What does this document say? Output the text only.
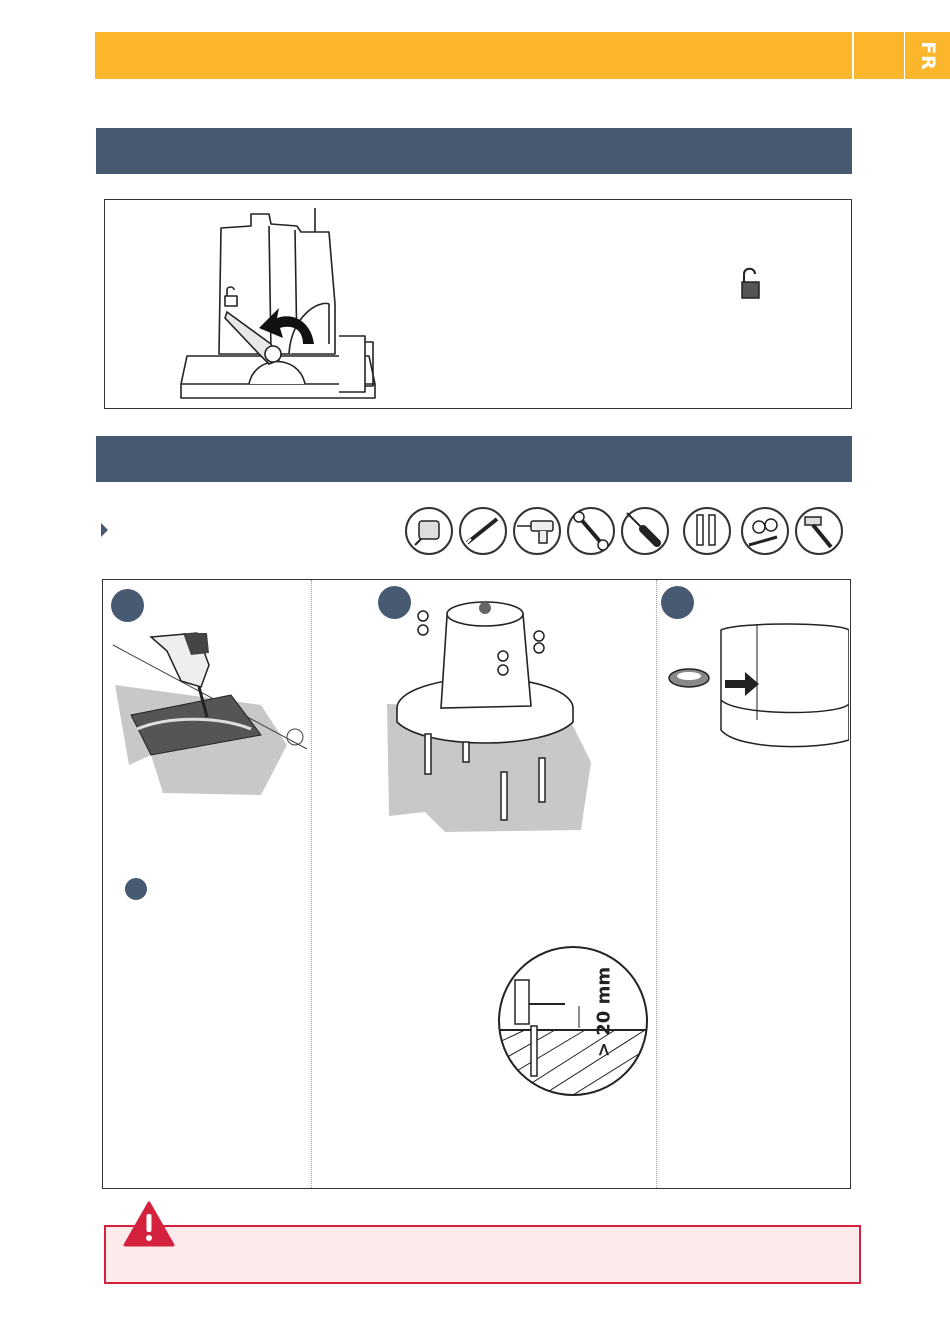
FR
> 20 mm
